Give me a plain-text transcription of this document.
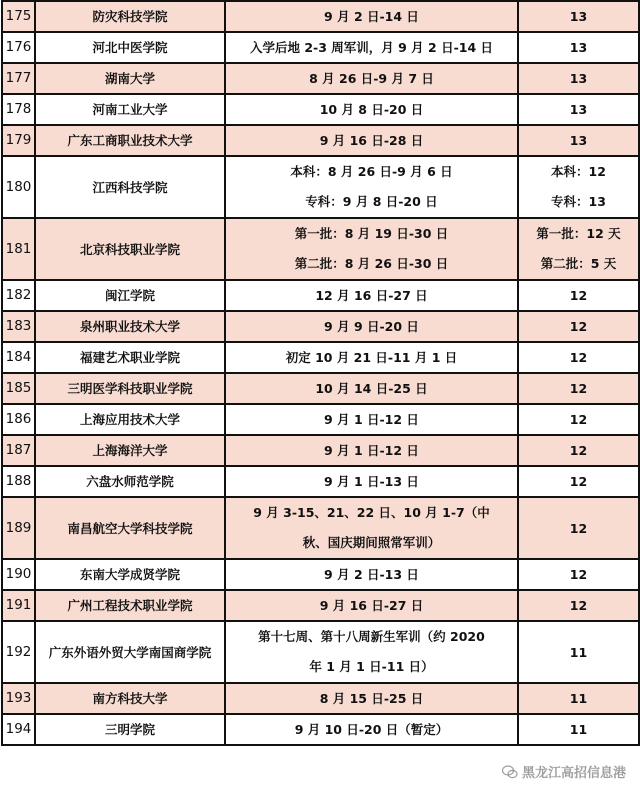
175	防灾科技学院	9 月 2 日-14 日	13
176	河北中医学院	入学后地 2-3 周军训，月 9 月 2 日-14 日	13
177	湖南大学	8 月 26 日-9 月 7 日	13
178	河南工业大学	10 月 8 日-20 日	13
179	广东工商职业技术大学	9 月 16 日-28 日	13
180	江西科技学院	本科：8 月 26 日-9 月 6 日
专科：9 月 8 日-20 日	本科：12
专科：13

181	北京科技职业学院	第一批：8 月 19 日-30 日
第二批：8 月 26 日-30 日	第一批：12 天
第二批：5 天

182	闽江学院	12 月 16 日-27 日	12
183	泉州职业技术大学	9 月 9 日-20 日	12
184	福建艺术职业学院	初定 10 月 21 日-11 月 1 日	12
185	三明医学科技职业学院	10 月 14 日-25 日	12
186	上海应用技术大学	9 月 1 日-12 日	12
187	上海海洋大学	9 月 1 日-12 日	12
188	六盘水师范学院	9 月 1 日-13 日	12
189	南昌航空大学科技学院	9 月 3-15、21、22 日、10 月 1-7（中
秋、国庆期间照常军训）	12
190	东南大学成贤学院	9 月 2 日-13 日	12
191	广州工程技术职业学院	9 月 16 日-27 日	12
192	广东外语外贸大学南国商学院	第十七周、第十八周新生军训（约 2020
年 1 月 1 日-11 日）	11
193	南方科技大学	8 月 15 日-25 日	11
194	三明学院	9 月 10 日-20 日（暂定）	11
黑龙江高招信息港
